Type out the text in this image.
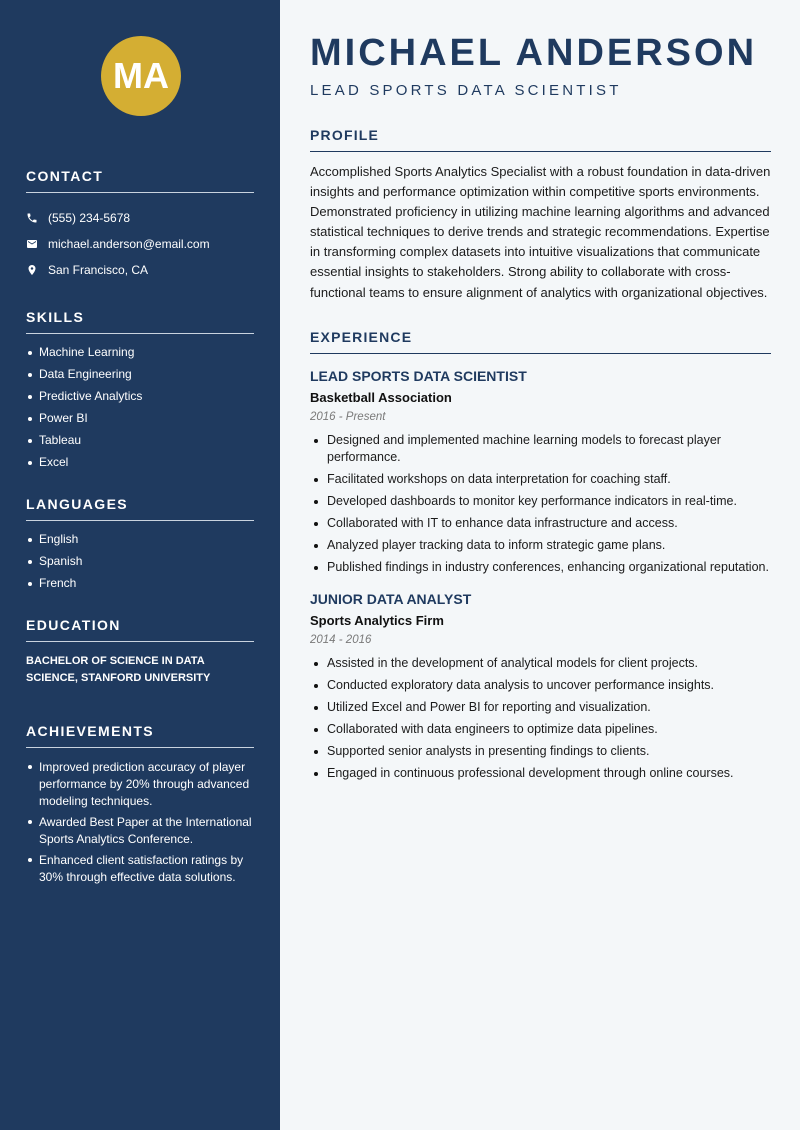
MA
CONTACT
(555) 234-5678
michael.anderson@email.com
San Francisco, CA
SKILLS
Machine Learning
Data Engineering
Predictive Analytics
Power BI
Tableau
Excel
LANGUAGES
English
Spanish
French
EDUCATION
BACHELOR OF SCIENCE IN DATA SCIENCE, STANFORD UNIVERSITY
ACHIEVEMENTS
Improved prediction accuracy of player performance by 20% through advanced modeling techniques.
Awarded Best Paper at the International Sports Analytics Conference.
Enhanced client satisfaction ratings by 30% through effective data solutions.
MICHAEL ANDERSON
LEAD SPORTS DATA SCIENTIST
PROFILE

Accomplished Sports Analytics Specialist with a robust foundation in data-driven insights and performance optimization within competitive sports environments. Demonstrated proficiency in utilizing machine learning algorithms and advanced statistical techniques to derive trends and strategic recommendations. Expertise in transforming complex datasets into intuitive visualizations that communicate essential insights to stakeholders. Strong ability to collaborate with cross-functional teams to ensure alignment of analytics with organizational objectives.

EXPERIENCE
LEAD SPORTS DATA SCIENTIST
Basketball Association
2016 - Present
Designed and implemented machine learning models to forecast player performance.
Facilitated workshops on data interpretation for coaching staff.
Developed dashboards to monitor key performance indicators in real-time.
Collaborated with IT to enhance data infrastructure and access.
Analyzed player tracking data to inform strategic game plans.
Published findings in industry conferences, enhancing organizational reputation.
JUNIOR DATA ANALYST
Sports Analytics Firm
2014 - 2016
Assisted in the development of analytical models for client projects.
Conducted exploratory data analysis to uncover performance insights.
Utilized Excel and Power BI for reporting and visualization.
Collaborated with data engineers to optimize data pipelines.
Supported senior analysts in presenting findings to clients.
Engaged in continuous professional development through online courses.
